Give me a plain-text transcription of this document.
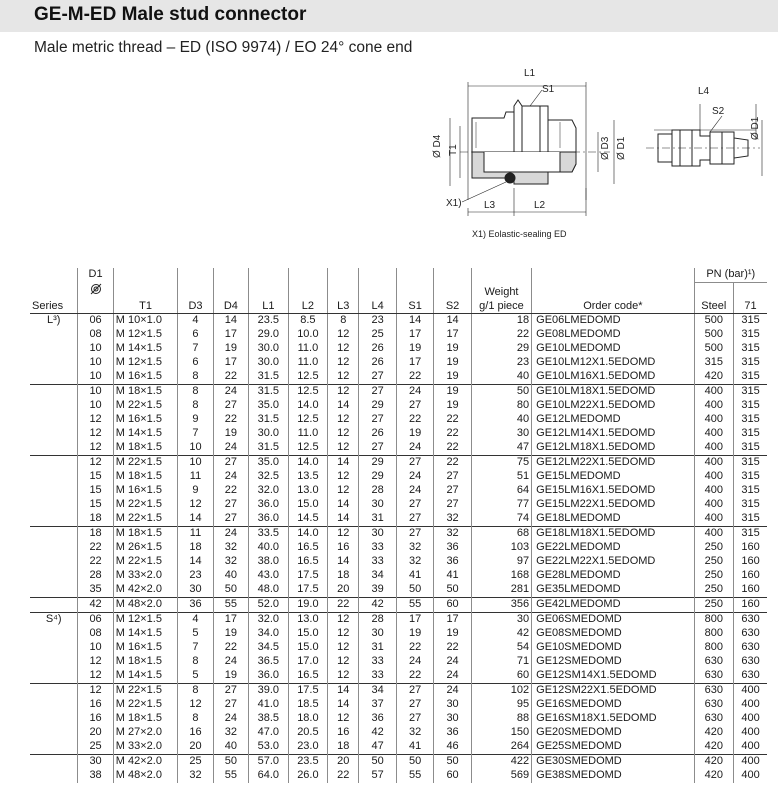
GE-M-ED Male stud connector
Male metric thread – ED (ISO 9974) / EO 24° cone end
L1
S1
Ø D4 T1	Ø D3 Ø D1
X1) L3	L2
L4
S2
Ø D1
X1) Eolastic-sealing ED
	D1												PN (bar)¹)	
											Weight			
Series		T1	D3	D4	L1	L2	L3	L4	S1	S2	g/1 piece	Order code*	Steel	71
L³)	06	M 10×1.0	4	14	23.5	8.5	8	23	14	14	18	GE06LMEDOMD	500	315
	08	M 12×1.5	6	17	29.0	10.0	12	25	17	17	22	GE08LMEDOMD	500	315
	10	M 14×1.5	7	19	30.0	11.0	12	26	19	19	29	GE10LMEDOMD	500	315
	10	M 12×1.5	6	17	30.0	11.0	12	26	17	19	23	GE10LM12X1.5EDOMD	315	315
	10	M 16×1.5	8	22	31.5	12.5	12	27	22	19	40	GE10LM16X1.5EDOMD	420	315
	10	M 18×1.5	8	24	31.5	12.5	12	27	24	19	50	GE10LM18X1.5EDOMD	400	315
	10	M 22×1.5	8	27	35.0	14.0	14	29	27	19	80	GE10LM22X1.5EDOMD	400	315
	12	M 16×1.5	9	22	31.5	12.5	12	27	22	22	40	GE12LMEDOMD	400	315
	12	M 14×1.5	7	19	30.0	11.0	12	26	19	22	30	GE12LM14X1.5EDOMD	400	315
	12	M 18×1.5	10	24	31.5	12.5	12	27	24	22	47	GE12LM18X1.5EDOMD	400	315
	12	M 22×1.5	10	27	35.0	14.0	14	29	27	22	75	GE12LM22X1.5EDOMD	400	315
	15	M 18×1.5	11	24	32.5	13.5	12	29	24	27	51	GE15LMEDOMD	400	315
	15	M 16×1.5	9	22	32.0	13.0	12	28	24	27	64	GE15LM16X1.5EDOMD	400	315
	15	M 22×1.5	12	27	36.0	15.0	14	30	27	27	77	GE15LM22X1.5EDOMD	400	315
	18	M 22×1.5	14	27	36.0	14.5	14	31	27	32	74	GE18LMEDOMD	400	315
	18	M 18×1.5	11	24	33.5	14.0	12	30	27	32	68	GE18LM18X1.5EDOMD	400	315
	22	M 26×1.5	18	32	40.0	16.5	16	33	32	36	103	GE22LMEDOMD	250	160
	22	M 22×1.5	14	32	38.0	16.5	14	33	32	36	97	GE22LM22X1.5EDOMD	250	160
	28	M 33×2.0	23	40	43.0	17.5	18	34	41	41	168	GE28LMEDOMD	250	160
	35	M 42×2.0	30	50	48.0	17.5	20	39	50	50	281	GE35LMEDOMD	250	160
	42	M 48×2.0	36	55	52.0	19.0	22	42	55	60	356	GE42LMEDOMD	250	160
S⁴)	06	M 12×1.5	4	17	32.0	13.0	12	28	17	17	30	GE06SMEDOMD	800	630
	08	M 14×1.5	5	19	34.0	15.0	12	30	19	19	42	GE08SMEDOMD	800	630
	10	M 16×1.5	7	22	34.5	15.0	12	31	22	22	54	GE10SMEDOMD	800	630
	12	M 18×1.5	8	24	36.5	17.0	12	33	24	24	71	GE12SMEDOMD	630	630
	12	M 14×1.5	5	19	36.0	16.5	12	33	22	24	60	GE12SM14X1.5EDOMD	630	630
	12	M 22×1.5	8	27	39.0	17.5	14	34	27	24	102	GE12SM22X1.5EDOMD	630	400
	16	M 22×1.5	12	27	41.0	18.5	14	37	27	30	95	GE16SMEDOMD	630	400
	16	M 18×1.5	8	24	38.5	18.0	12	36	27	30	88	GE16SM18X1.5EDOMD	630	400
	20	M 27×2.0	16	32	47.0	20.5	16	42	32	36	150	GE20SMEDOMD	420	400
	25	M 33×2.0	20	40	53.0	23.0	18	47	41	46	264	GE25SMEDOMD	420	400
	30	M 42×2.0	25	50	57.0	23.5	20	50	50	50	422	GE30SMEDOMD	420	400
	38	M 48×2.0	32	55	64.0	26.0	22	57	55	60	569	GE38SMEDOMD	420	400
